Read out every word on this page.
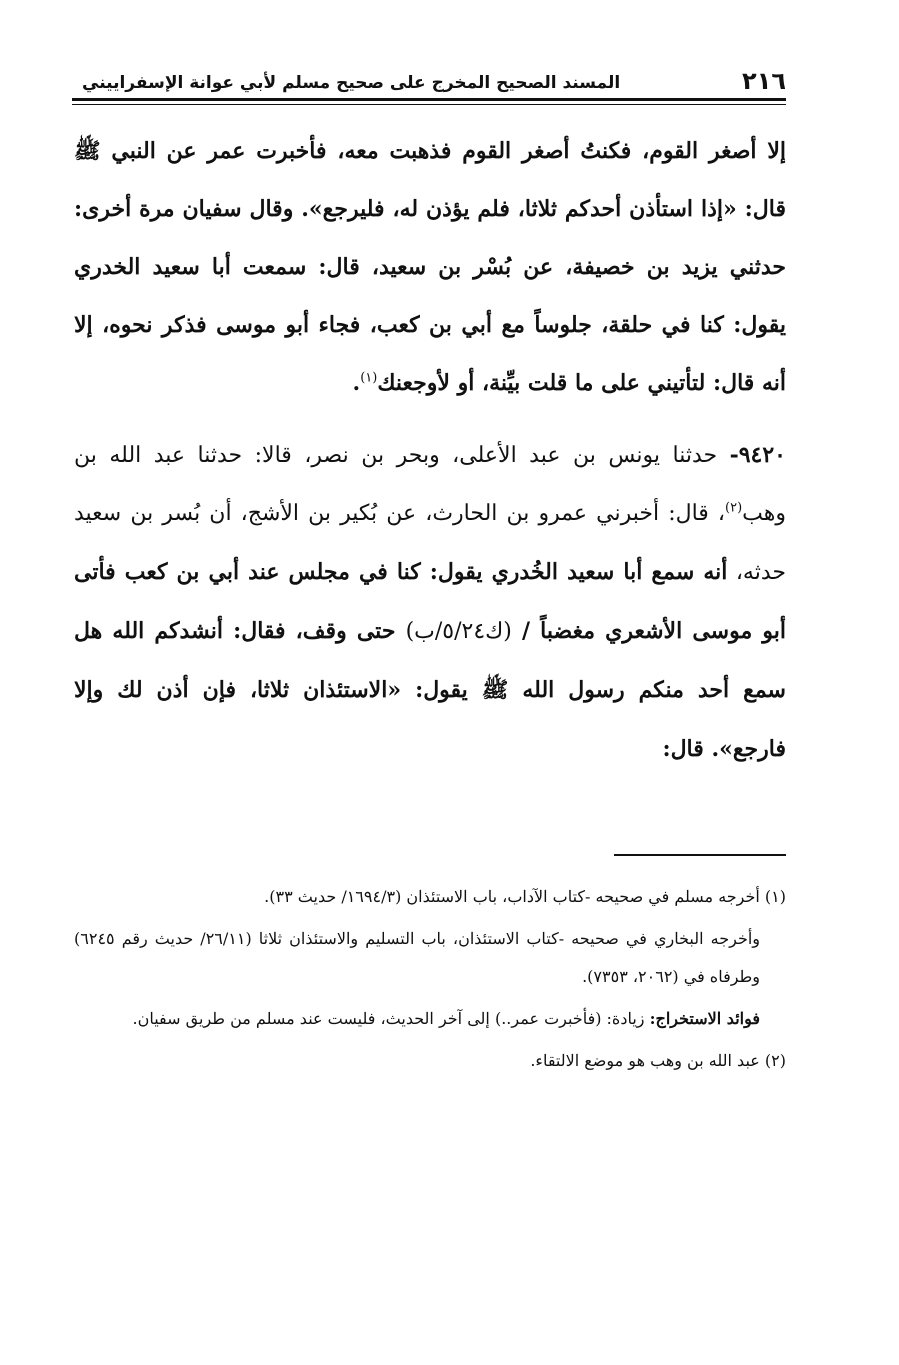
٢١٦
المسند الصحيح المخرج على صحيح مسلم لأبي عوانة الإسفراييني

إلا أصغر القوم، فكنتُ أصغر القوم فذهبت معه، فأخبرت عمر عن النبي ﷺ قال: «إذا استأذن أحدكم ثلاثا، فلم يؤذن له، فليرجع». وقال سفيان مرة أخرى: حدثني يزيد بن خصيفة، عن بُسْر بن سعيد، قال: سمعت أبا سعيد الخدري يقول: كنا في حلقة، جلوساً مع أبي بن كعب، فجاء أبو موسى فذكر نحوه، إلا أنه قال: لتأتيني على ما قلت بيِّنة، أو لأوجعنك$^{(١)}$.

٩٤٢٠- حدثنا يونس بن عبد الأعلى، وبحر بن نصر، قالا: حدثنا عبد الله بن وهب$^{(٢)}$، قال: أخبرني عمرو بن الحارث، عن بُكير بن الأشج، أن بُسر بن سعيد حدثه، أنه سمع أبا سعيد الخُدري يقول: كنا في مجلس عند أبي بن كعب فأتى أبو موسى الأشعري مغضباً / (ك٥/٢٤/ب) حتى وقف، فقال: أنشدكم الله هل سمع أحد منكم رسول الله ﷺ يقول: «الاستئذان ثلاثا، فإن أذن لك وإلا فارجع». قال:

(١) أخرجه مسلم في صحيحه -كتاب الآداب، باب الاستئذان (١٦٩٤/٣/ حديث ٣٣).

وأخرجه البخاري في صحيحه -كتاب الاستئذان، باب التسليم والاستئذان ثلاثا (٢٦/١١/ حديث رقم ٦٢٤٥) وطرفاه في (٢٠٦٢، ٧٣٥٣).

فوائد الاستخراج: زيادة: (فأخبرت عمر..) إلى آخر الحديث، فليست عند مسلم من طريق سفيان.

(٢) عبد الله بن وهب هو موضع الالتقاء.
